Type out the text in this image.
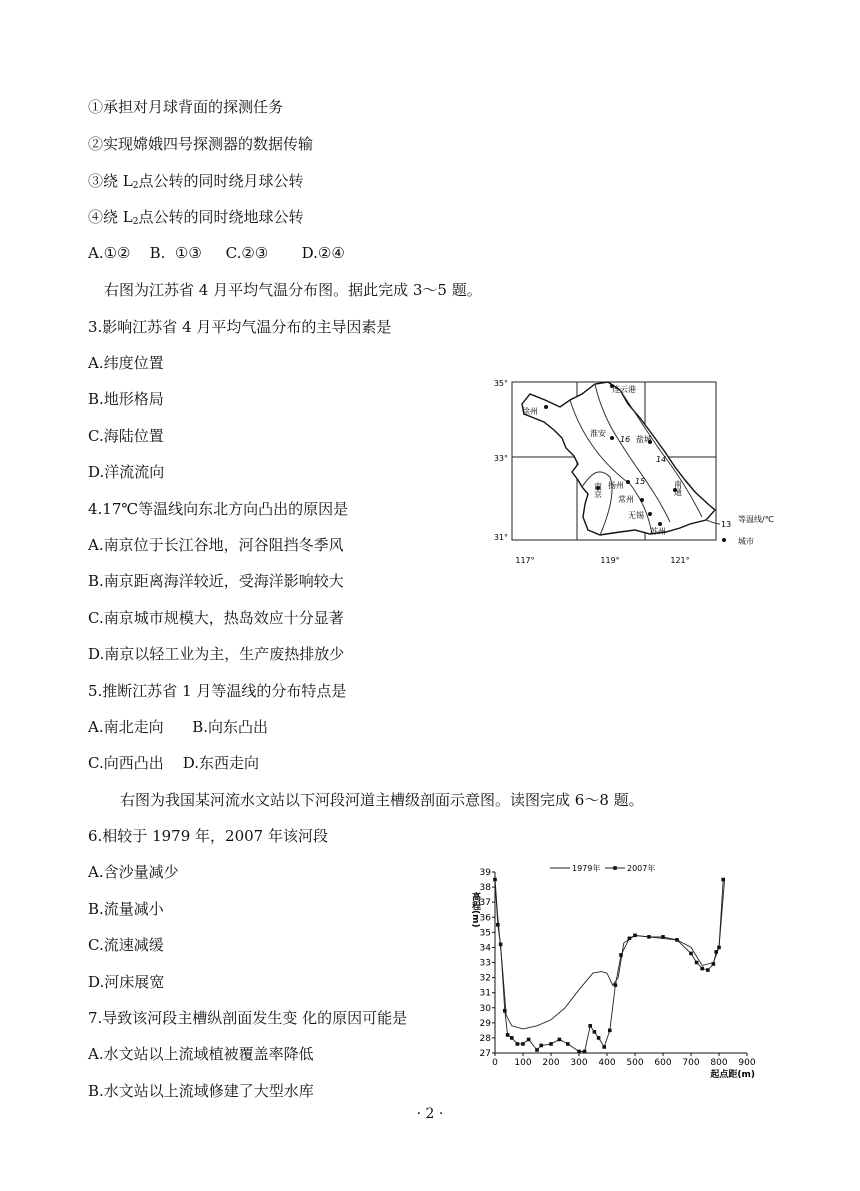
①承担对月球背面的探测任务
②实现嫦娥四号探测器的数据传输
③绕 $L_2$点公转的同时绕月球公转
④绕 $L_2$点公转的同时绕地球公转
A.①②    B.  ①③     C.②③       D.②④
右图为江苏省 4 月平均气温分布图。据此完成 3～5 题。
3.影响江苏省 4 月平均气温分布的主导因素是
A.纬度位置
B.地形格局
C.海陆位置
D.洋流流向
4.17℃等温线向东北方向凸出的原因是
A.南京位于长江谷地，河谷阻挡冬季风
B.南京距离海洋较近，受海洋影响较大
C.南京城市规模大，热岛效应十分显著
D.南京以轻工业为主，生产废热排放少
5.推断江苏省 1 月等温线的分布特点是
A.南北走向      B.向东凸出
C.向西凸出    D.东西走向
右图为我国某河流水文站以下河段河道主槽级剖面示意图。读图完成 6～8 题。
6.相较于 1979 年，2007 年该河段
A.含沙量减少
B.流量减小
C.流速减缓
D.河床展宽
7.导致该河段主槽纵剖面发生变 化的原因可能是
A.水文站以上流域植被覆盖率降低
B.水文站以上流域修建了大型水库
35°
33°
31°
117°	119°	121°
16
14
15
徐州
连云港
淮安
盐城
南京 扬州
常州
南通
无锡
苏州
13
等温线/℃
城市
0 100 200 300 400 500 600 700 800 900
27
28
29
30
31
32
33
34
35
36
37
38
39
高程(m)
起点距(m)
1979年	2007年
· 2 ·
